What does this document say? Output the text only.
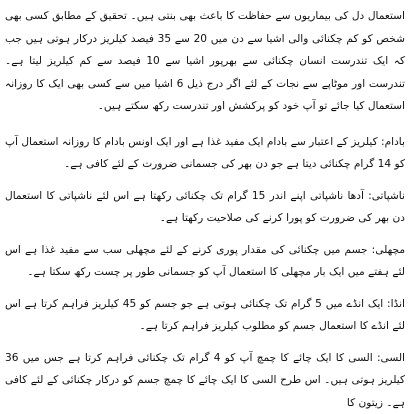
استعمال دل کی بیماریوں سے حفاظت کا باعث بھی بنتی ہیں۔ تحقیق کے مطابق کسی بھی شخص کو کم چکنائی والی اشیا سے دن میں 20 سے 35 فیصد کیلریز درکار ہوتی ہیں جب کہ ایک تندرست انسان چکنائی سے بھرپور اشیا سے 10 فیصد سے کم کیلریز لیتا ہے۔ تندرست اور موٹاپے سے نجات کے لئے اگر درج ذیل 6 اشیا میں سے کسی بھی ایک کا روزانہ استعمال کیا جائے تو آپ خود کو پرکشش اور تندرست رکھ سکتے ہیں۔

بادام: کیلریز کے اعتبار سے بادام ایک مفید غذا ہے اور ایک اونس بادام کا روزانہ استعمال آپ کو 14 گرام چکنائی دیتا ہے جو دن بھر کی جسمانی ضرورت کے لئے کافی ہے۔

ناشپاتی: آدھا ناشپاتی اپنے اندر 15 گرام تک چکنائی رکھتا ہے اس لئے ناشپاتی کا استعمال دن بھر کی ضرورت کو پورا کرنے کی صلاحیت رکھتا ہے۔

مچھلی: جسم میں چکنائی کی مقدار پوری کرنے کے لئے مچھلی سب سے مفید غذا ہے اس لئے ہفتے میں ایک بار مچھلی کا استعمال آپ کو جسمانی طور پر چست رکھ سکتا ہے۔

انڈا: ایک انڈے میں 5 گرام تک چکنائی ہوتی ہے جو جسم کو 45 کیلریز فراہم کرتا ہے اس لئے انڈے کا استعمال جسم کو مطلوب کیلریز فراہم کرتا ہے۔

السی: السی کا ایک چائے کا چمچ آپ کو 4 گرام تک چکنائی فراہم کرتا ہے جس میں 36 کیلریز ہوتی ہیں۔ اس طرح السی کا ایک چائے کا چمچ جسم کو درکار چکنائی کے لئے کافی ہے۔ زیتون کا
